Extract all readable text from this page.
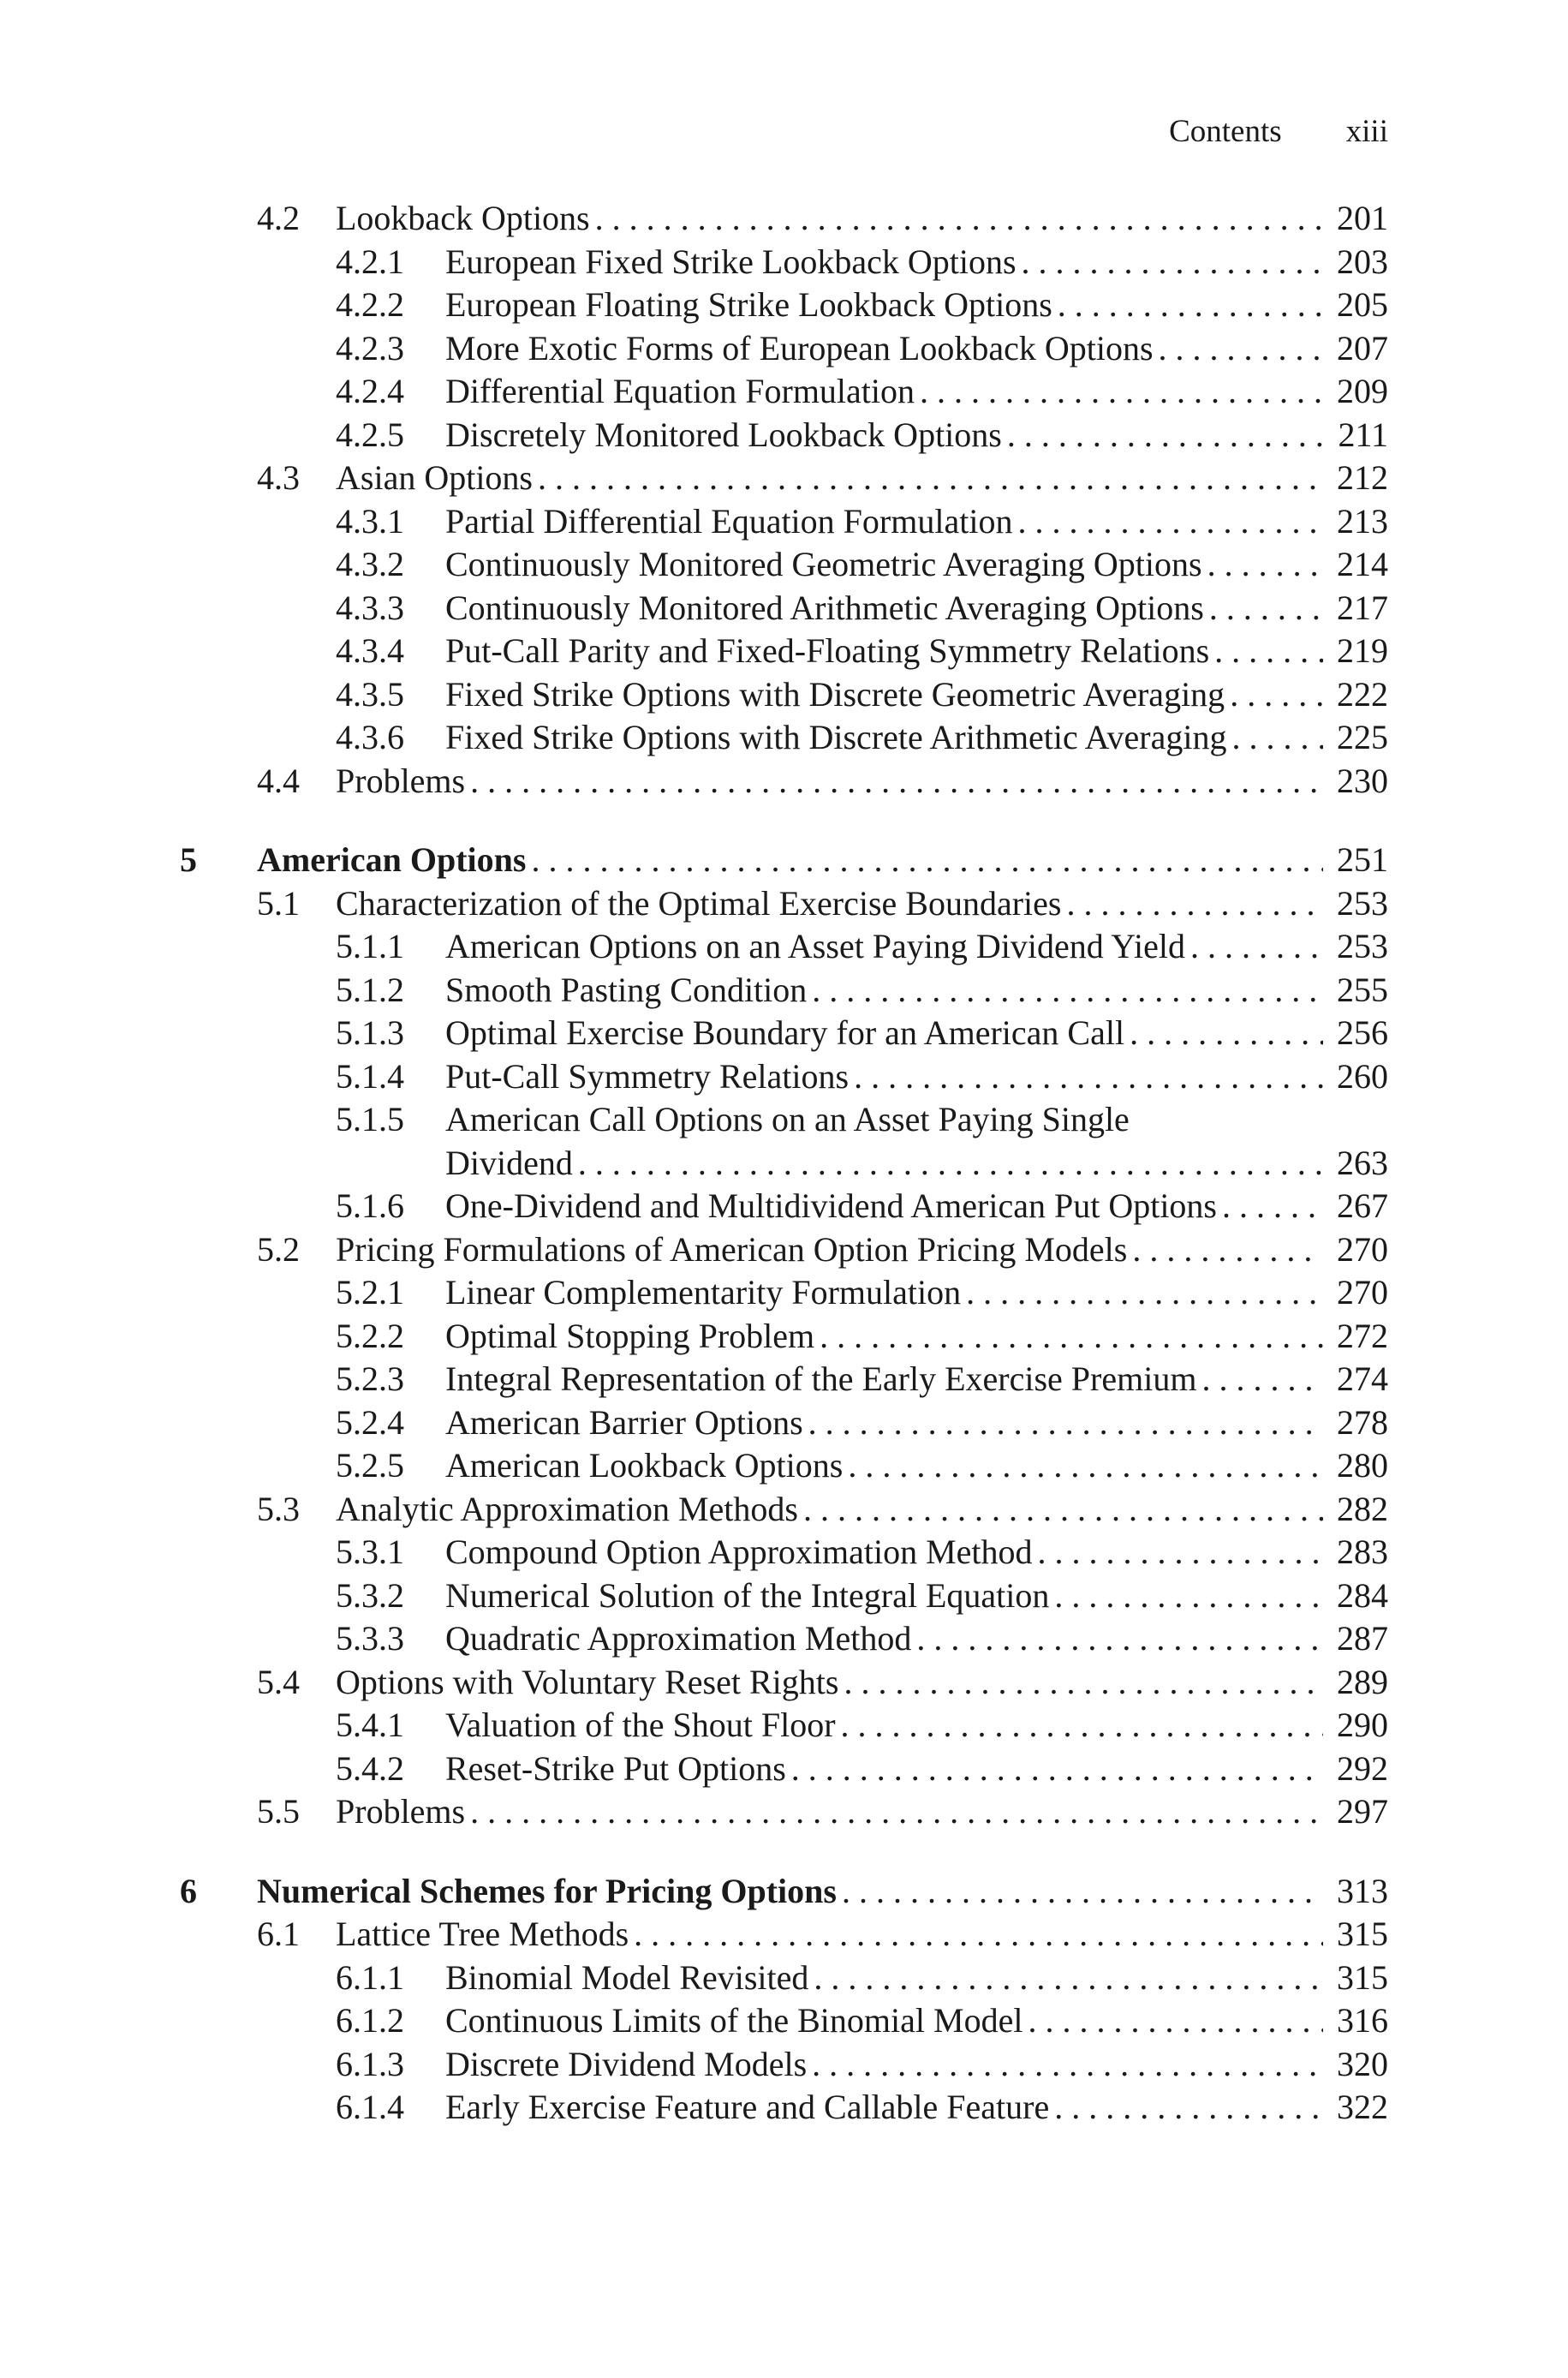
Contents xiii
4.2 Lookback Options . . .	201
4.2.1 European Fixed Strike Lookback Options . . .	203
4.2.2 European Floating Strike Lookback Options . . .	205
4.2.3 More Exotic Forms of European Lookback Options . . .	207
4.2.4 Differential Equation Formulation . . .	209
4.2.5 Discretely Monitored Lookback Options . . .	211
4.3 Asian Options . . .	212
4.3.1 Partial Differential Equation Formulation . . .	213
4.3.2 Continuously Monitored Geometric Averaging Options . . .	214
4.3.3 Continuously Monitored Arithmetic Averaging Options . . .	217
4.3.4 Put-Call Parity and Fixed-Floating Symmetry Relations . . .	219
4.3.5 Fixed Strike Options with Discrete Geometric Averaging . . .	222
4.3.6 Fixed Strike Options with Discrete Arithmetic Averaging . . .	225
4.4 Problems . . .	230
5 American Options . . .	251
5.1 Characterization of the Optimal Exercise Boundaries . . .	253
5.1.1 American Options on an Asset Paying Dividend Yield . . .	253
5.1.2 Smooth Pasting Condition . . .	255
5.1.3 Optimal Exercise Boundary for an American Call . . .	256
5.1.4 Put-Call Symmetry Relations . . .	260
5.1.5 American Call Options on an Asset Paying Single
Dividend . . .	263
5.1.6 One-Dividend and Multidividend American Put Options . . .	267
5.2 Pricing Formulations of American Option Pricing Models . . .	270
5.2.1 Linear Complementarity Formulation . . .	270
5.2.2 Optimal Stopping Problem . . .	272
5.2.3 Integral Representation of the Early Exercise Premium . . .	274
5.2.4 American Barrier Options . . .	278
5.2.5 American Lookback Options . . .	280
5.3 Analytic Approximation Methods . . .	282
5.3.1 Compound Option Approximation Method . . .	283
5.3.2 Numerical Solution of the Integral Equation . . .	284
5.3.3 Quadratic Approximation Method . . .	287
5.4 Options with Voluntary Reset Rights . . .	289
5.4.1 Valuation of the Shout Floor . . .	290
5.4.2 Reset-Strike Put Options . . .	292
5.5 Problems . . .	297
6 Numerical Schemes for Pricing Options . . .	313
6.1 Lattice Tree Methods . . .	315
6.1.1 Binomial Model Revisited . . .	315
6.1.2 Continuous Limits of the Binomial Model . . .	316
6.1.3 Discrete Dividend Models . . .	320
6.1.4 Early Exercise Feature and Callable Feature . . .	322
